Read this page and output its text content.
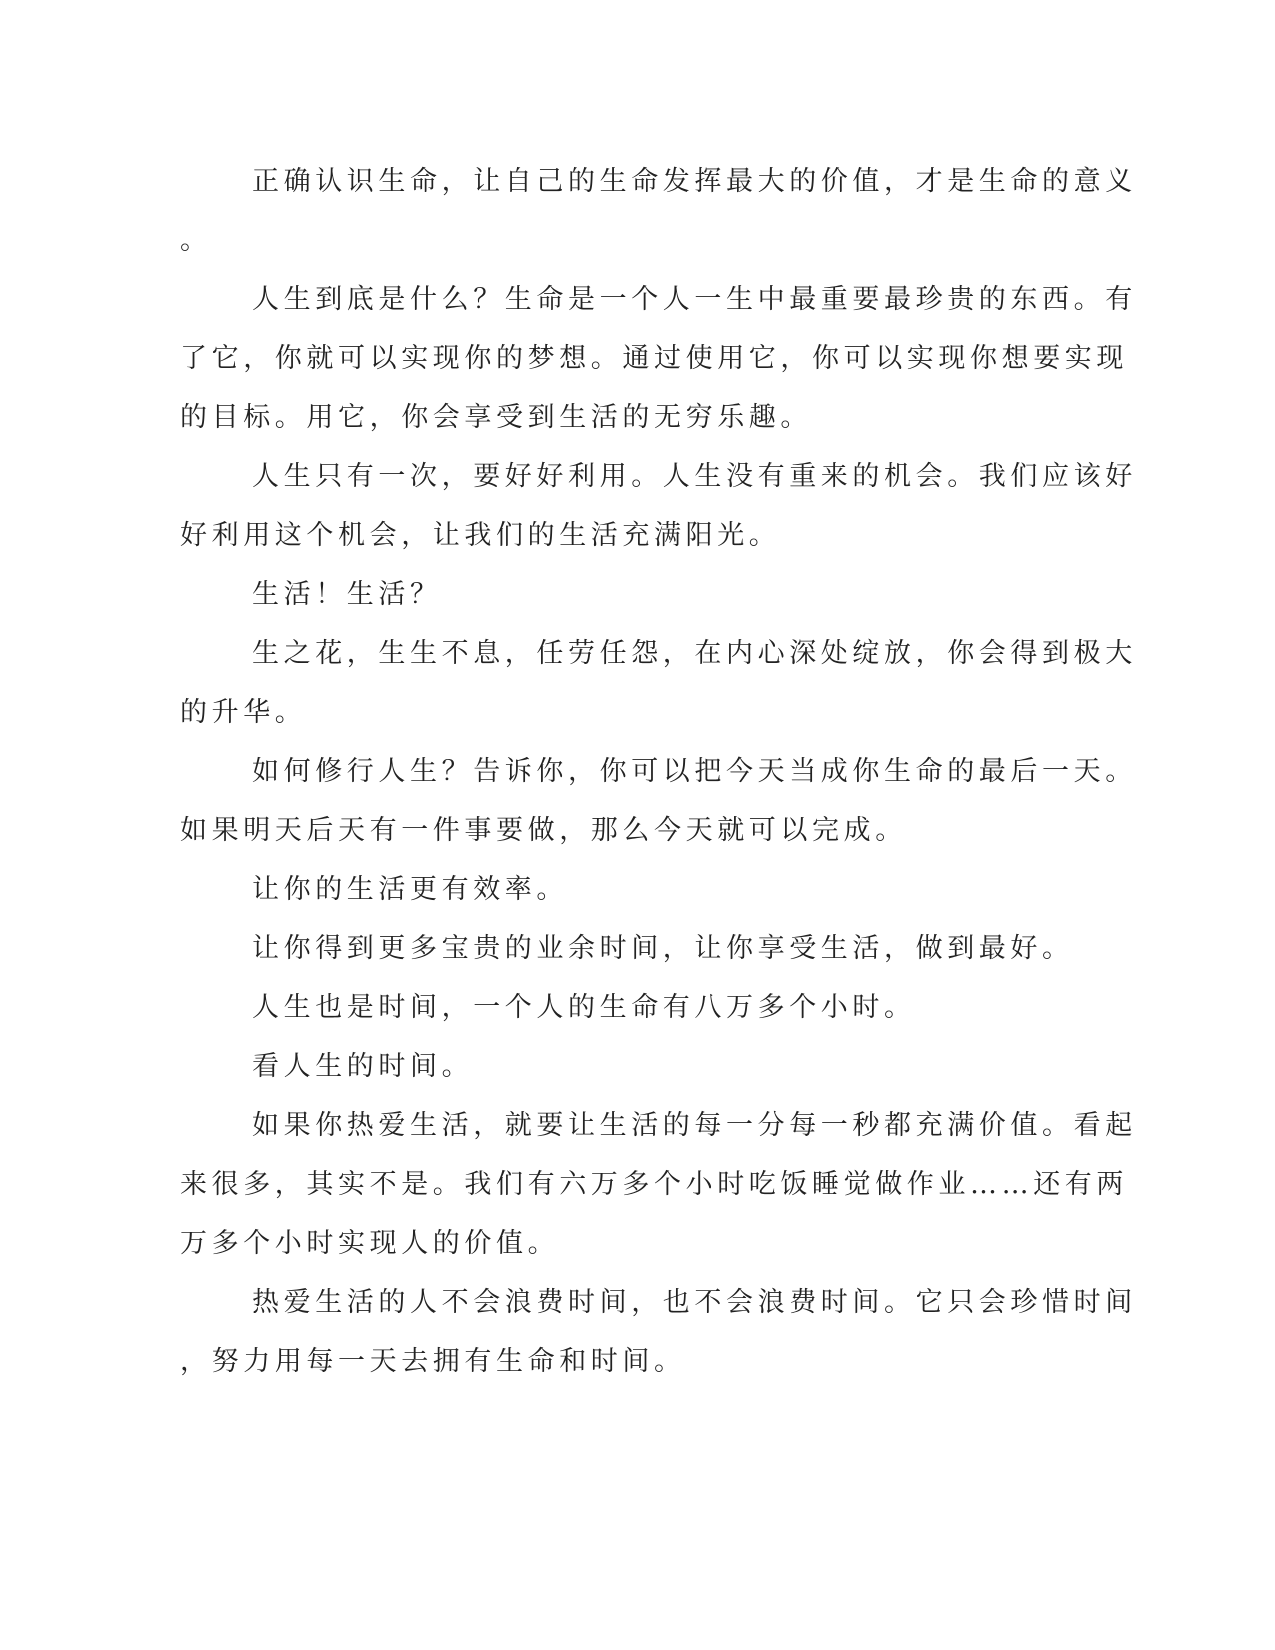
正确认识生命，让自己的生命发挥最大的价值，才是生命的意义
。
人生到底是什么？生命是一个人一生中最重要最珍贵的东西。有
了它，你就可以实现你的梦想。通过使用它，你可以实现你想要实现
的目标。用它，你会享受到生活的无穷乐趣。
人生只有一次，要好好利用。人生没有重来的机会。我们应该好
好利用这个机会，让我们的生活充满阳光。
生活！生活？
生之花，生生不息，任劳任怨，在内心深处绽放，你会得到极大
的升华。
如何修行人生？告诉你，你可以把今天当成你生命的最后一天。
如果明天后天有一件事要做，那么今天就可以完成。
让你的生活更有效率。
让你得到更多宝贵的业余时间，让你享受生活，做到最好。
人生也是时间，一个人的生命有八万多个小时。
看人生的时间。
如果你热爱生活，就要让生活的每一分每一秒都充满价值。看起
来很多，其实不是。我们有六万多个小时吃饭睡觉做作业……还有两
万多个小时实现人的价值。
热爱生活的人不会浪费时间，也不会浪费时间。它只会珍惜时间
，努力用每一天去拥有生命和时间。
